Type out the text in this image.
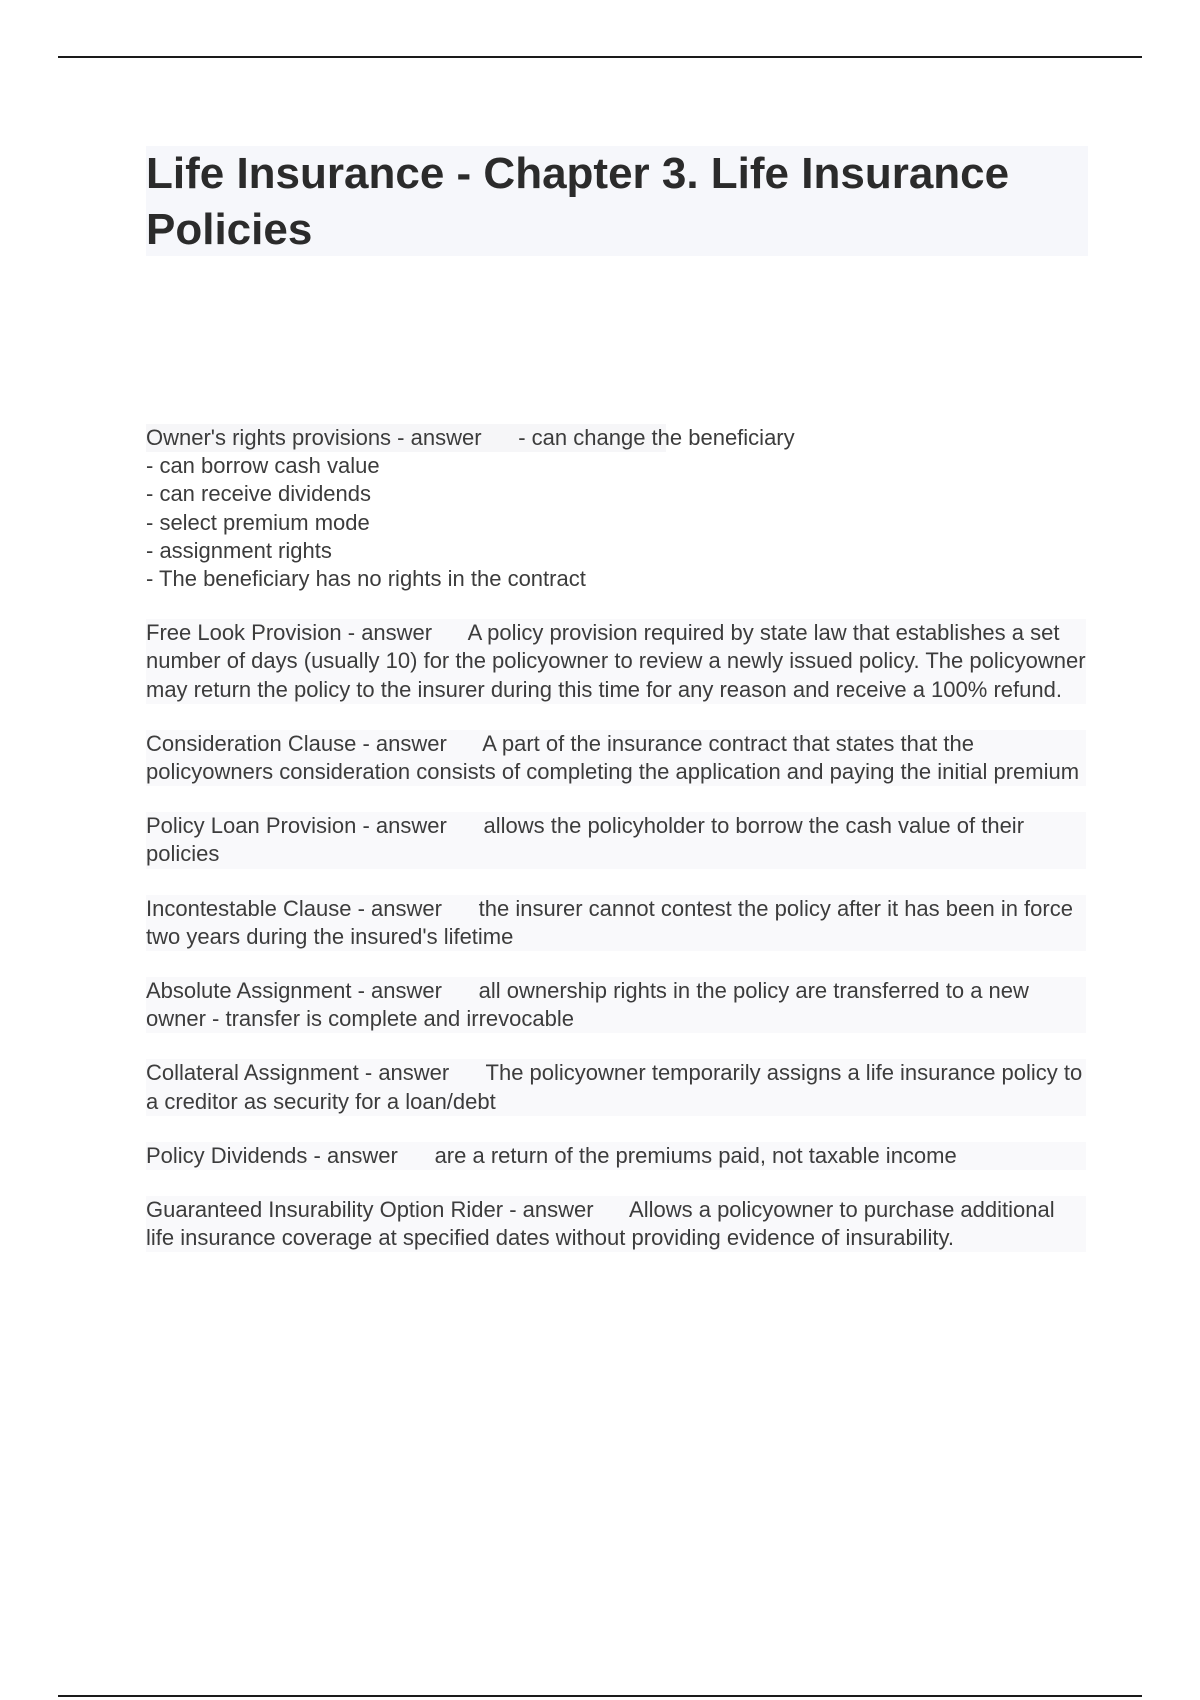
Life Insurance - Chapter 3. Life Insurance Policies
Owner's rights provisions - answer - can change the beneficiary
- can borrow cash value
- can receive dividends
- select premium mode
- assignment rights
- The beneficiary has no rights in the contract
Free Look Provision - answer A policy provision required by state law that establishes a set number of days (usually 10) for the policyowner to review a newly issued policy. The policyowner may return the policy to the insurer during this time for any reason and receive a 100% refund.
Consideration Clause - answer A part of the insurance contract that states that the policyowners consideration consists of completing the application and paying the initial premium
Policy Loan Provision - answer allows the policyholder to borrow the cash value of their policies
Incontestable Clause - answer the insurer cannot contest the policy after it has been in force two years during the insured's lifetime
Absolute Assignment - answer all ownership rights in the policy are transferred to a new owner - transfer is complete and irrevocable
Collateral Assignment - answer The policyowner temporarily assigns a life insurance policy to a creditor as security for a loan/debt
Policy Dividends - answer are a return of the premiums paid, not taxable income
Guaranteed Insurability Option Rider - answer Allows a policyowner to purchase additional life insurance coverage at specified dates without providing evidence of insurability.
